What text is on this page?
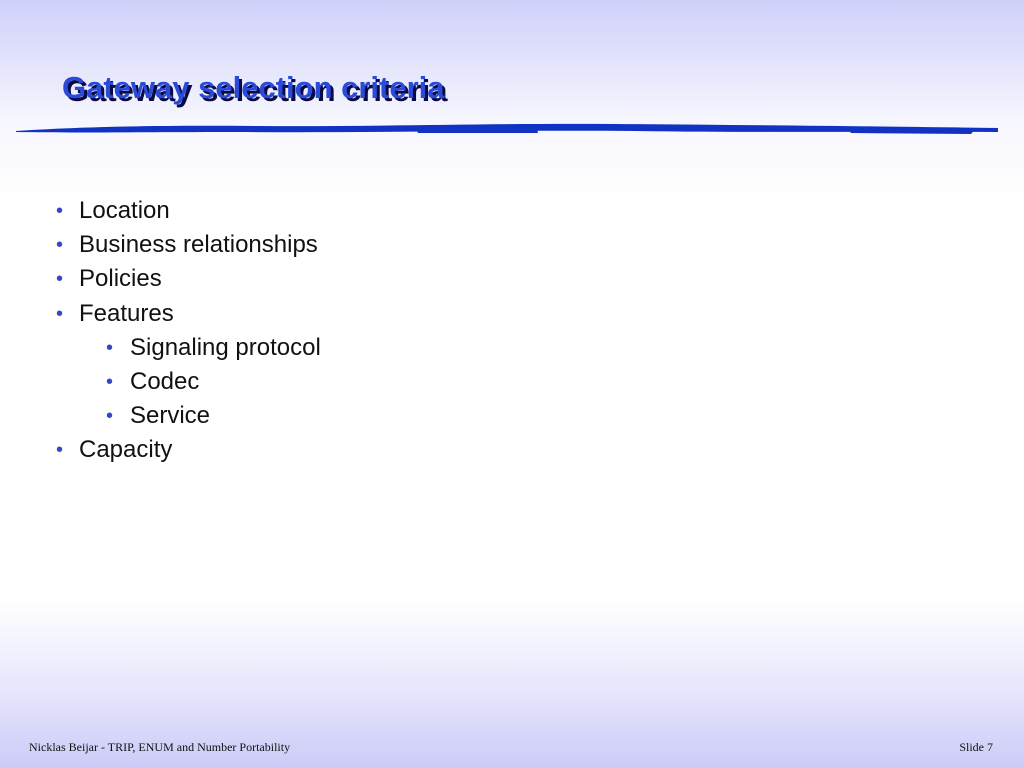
Gateway selection criteria
• Location
• Business relationships
• Policies
• Features
• Signaling protocol
• Codec
• Service
• Capacity
Nicklas Beijar - TRIP, ENUM and Number Portability	Slide 7
